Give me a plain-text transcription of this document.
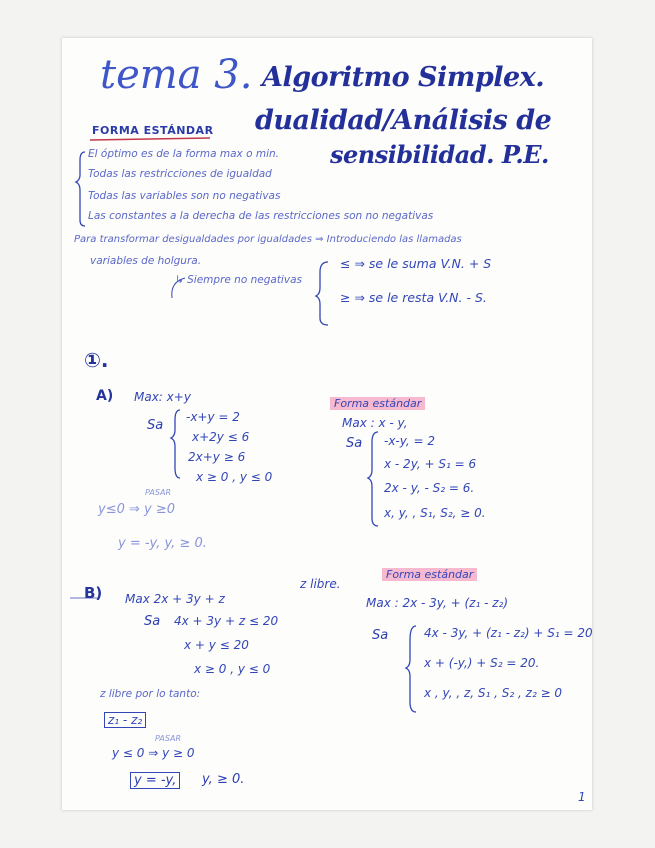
tema 3. Algoritmo Simplex.
dualidad/Análisis de
sensibilidad. P.E.
FORMA ESTÁNDAR
El óptimo es de la forma max o min.
Todas las restricciones de igualdad
Todas las variables son no negativas
Las constantes a la derecha de las restricciones son no negativas
Para transformar desigualdades por igualdades ⇒ Introduciendo las llamadas
variables de holgura.
↳ Siempre no negativas
≤ ⇒ se le suma V.N. + S
≥ ⇒ se le resta V.N. - S.
①.
A) Max: x+y
Sa
-x+y = 2
x+2y ≤ 6
2x+y ≥ 6
x ≥ 0 , y ≤ 0
Forma estándar
Max : x - y,
Sa -x-y, = 2
x - 2y, + S₁ = 6
2x - y, - S₂ = 6.
x, y, , S₁, S₂, ≥ 0.
PASAR
y≤0 ⇒ y ≥0
y = -y, y, ≥ 0.
B) Max 2x + 3y + z
z libre.
Sa 4x + 3y + z ≤ 20
x + y ≤ 20
x ≥ 0 , y ≤ 0
z libre por lo tanto:
z₁ - z₂
PASAR
y ≤ 0 ⇒ y ≥ 0
y = -y,	y, ≥ 0.
Forma estándar
Max : 2x - 3y, + (z₁ - z₂)
Sa	4x - 3y, + (z₁ - z₂) + S₁ = 20
x + (-y,) + S₂ = 20.
x , y, , z, S₁ , S₂ , z₂ ≥ 0
1
